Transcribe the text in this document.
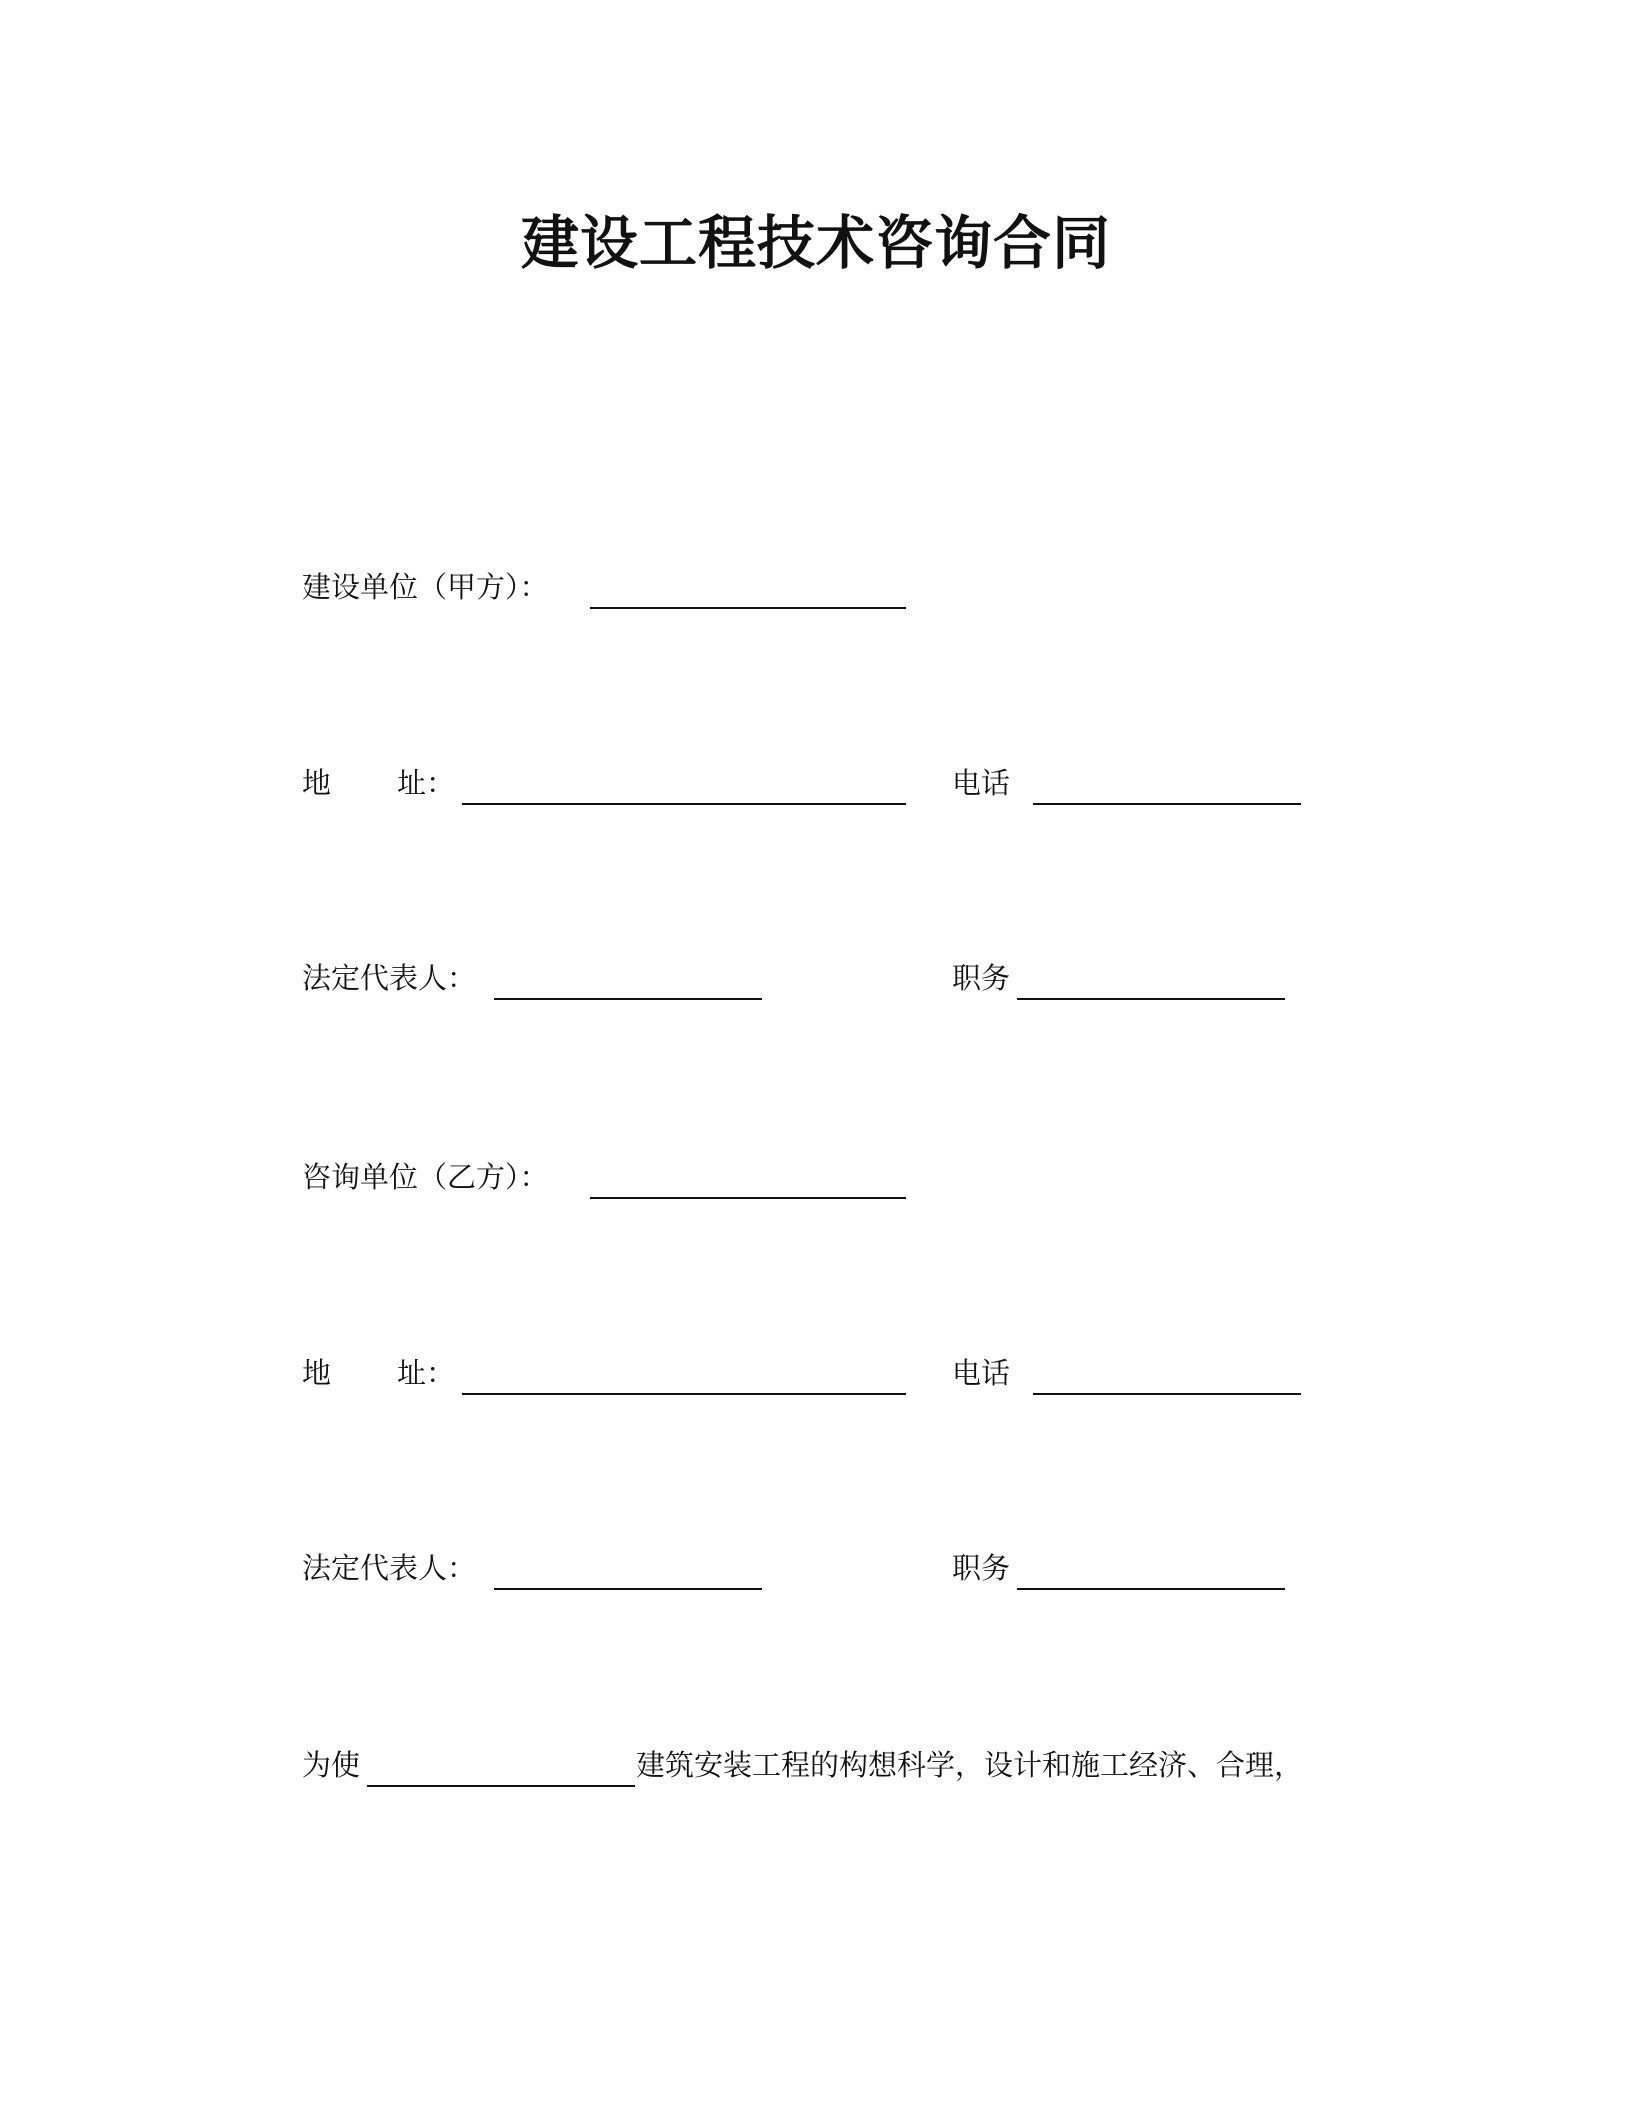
建设工程技术咨询合同
建设单位（甲方）：
地 址：	电话
法定代表人：	职务
咨询单位（乙方）：
地 址：	电话
法定代表人：	职务
为使	建筑安装工程的构想科学，设计和施工经济、合理，
